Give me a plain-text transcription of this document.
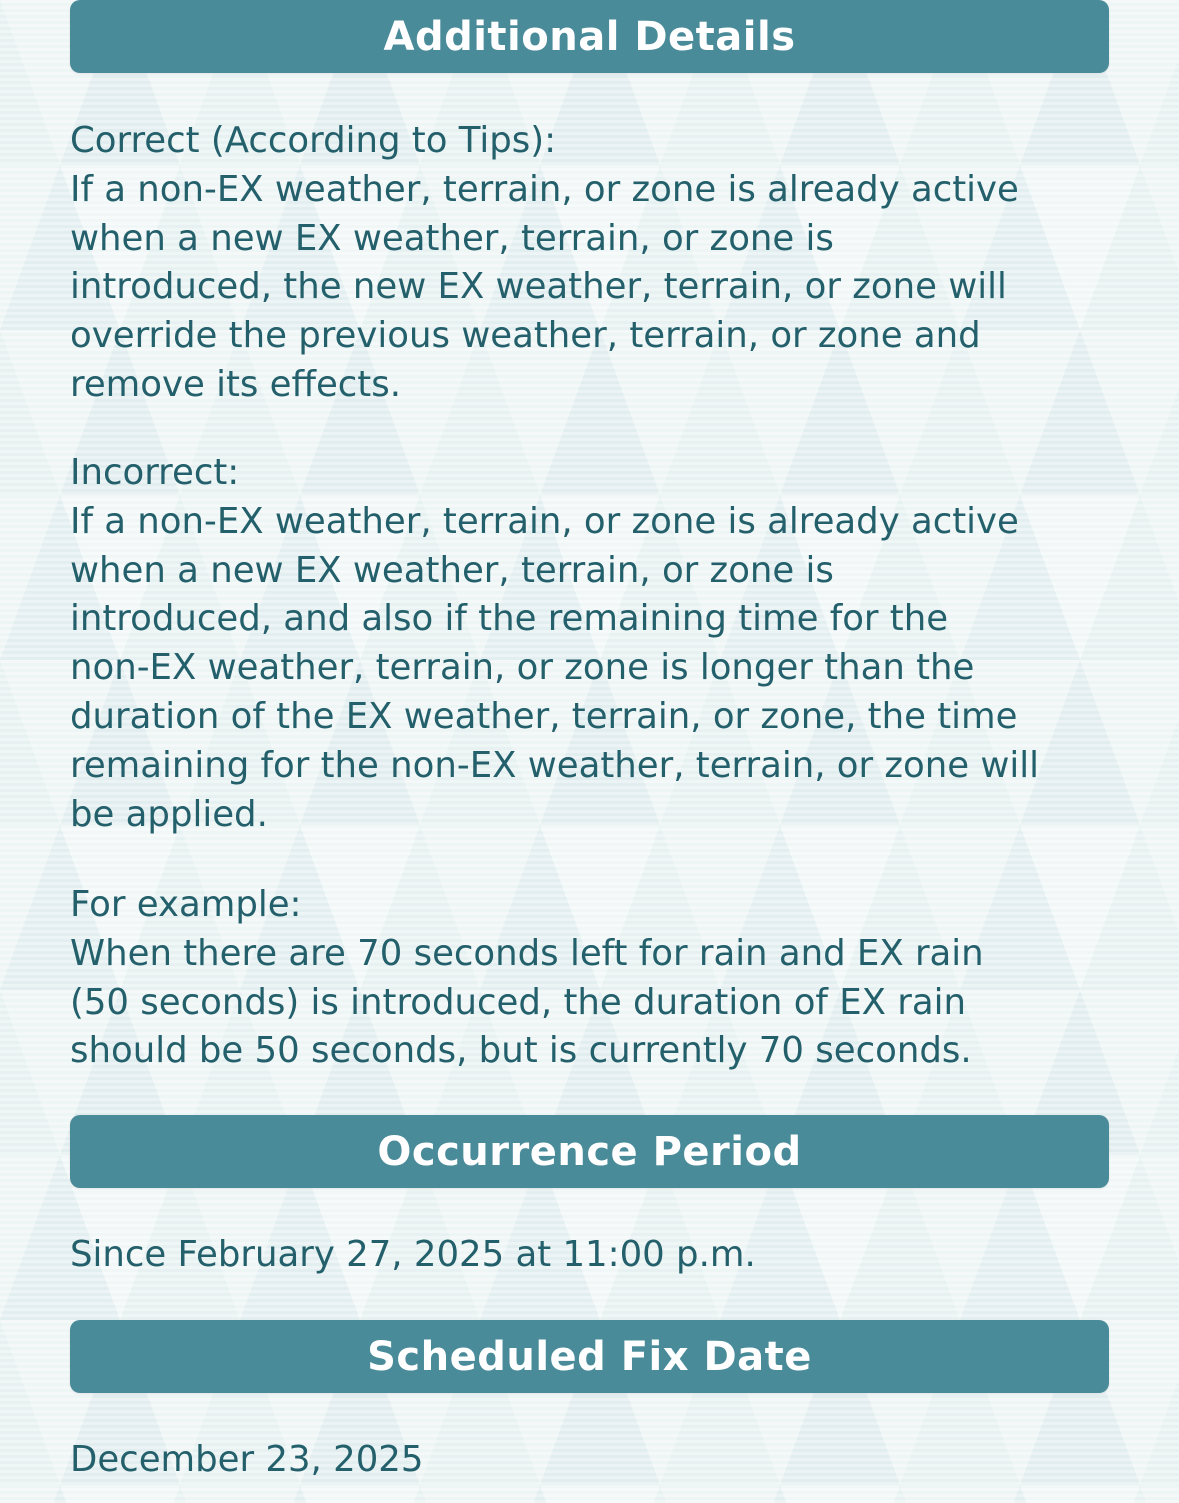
Additional Details
Correct (According to Tips):
If a non-EX weather, terrain, or zone is already active
when a new EX weather, terrain, or zone is
introduced, the new EX weather, terrain, or zone will
override the previous weather, terrain, or zone and
remove its effects.
Incorrect:
If a non-EX weather, terrain, or zone is already active
when a new EX weather, terrain, or zone is
introduced, and also if the remaining time for the
non-EX weather, terrain, or zone is longer than the
duration of the EX weather, terrain, or zone, the time
remaining for the non-EX weather, terrain, or zone will
be applied.
For example:
When there are 70 seconds left for rain and EX rain
(50 seconds) is introduced, the duration of EX rain
should be 50 seconds, but is currently 70 seconds.
Occurrence Period
Since February 27, 2025 at 11:00 p.m.
Scheduled Fix Date
December 23, 2025
